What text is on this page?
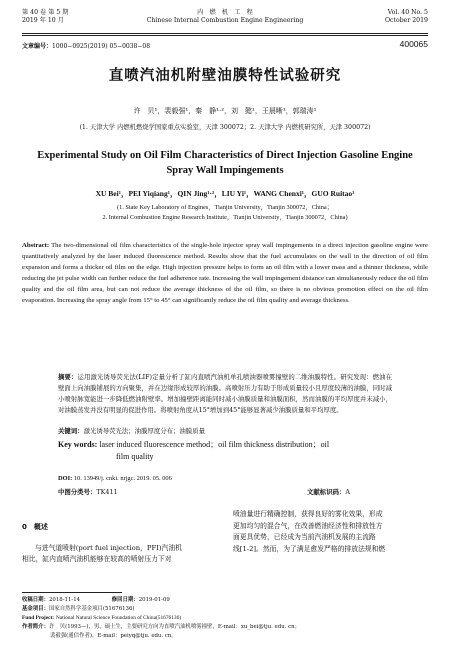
第 40 卷 第 5 期
2019 年 10 月
内　燃　机　工　程
Chinese Internal Combustion Engine Engineering
Vol. 40 No. 5
October 2019
文章编号：1000−0925(2019) 05−0038−08	400065
直喷汽油机附壁油膜特性试验研究
许　贝¹，裴毅强¹，秦　静¹·²，刘　懿¹，王晨晰¹，郭瑞涛¹
(1. 天津大学 内燃机燃烧学国家重点实验室，天津 300072；2. 天津大学 内燃机研究所，天津 300072)
Experimental Study on Oil Film Characteristics of Direct Injection Gasoline Engine Spray Wall Impingements
XU Bei¹，PEI Yiqiang¹，QIN Jing¹·²，LIU Yi¹，WANG Chenxi¹，GUO Ruitao¹
(1. State Key Laboratory of Engines，Tianjin University，Tianjin 300072，China；
2. Internal Combustion Engine Research Institute，Tianjin University，Tianjin 300072，China)
Abstract: The two-dimensional oil film characteristics of the single-hole injector spray wall impingements in a direct injection gasoline engine were quantitatively analyzed by the laser induced fluorescence method. Results show that the fuel accumulates on the wall in the direction of oil film expansion and forms a thicker oil film on the edge. High injection pressure helps to form an oil film with a lower mass and a thinner thickness, while reducing the jet pulse width can further reduce the fuel adherence rate. Increasing the wall impingement distance can simultaneously reduce the oil film quality and the oil film area, but can not reduce the average thickness of the oil film, so there is no obvious promotion effect on the oil film evaporation. Increasing the spray angle from 15° to 45° can significantly reduce the oil film quality and average thickness.
摘要：运用激光诱导荧光法(LIF)定量分析了缸内直喷汽油机单孔喷油器喷雾撞壁的二维油膜特性。研究发现：燃油在壁面上向油膜铺展的方向聚集，并在边缘形成较厚的油膜。高喷射压力有助于形成质量较小且厚度较薄的油膜，同时减小喷射脉宽能进一步降低燃油附壁率。增加撞壁距离能同时减小油膜质量和油膜面积，然而油膜的平均厚度并未减小，对油膜蒸发并没有明显的促进作用。将喷射角度从15°增加到45°能够显著减少油膜质量和平均厚度。
关键词：激光诱导荧光法；油膜厚度分布；油膜质量
Key words: laser induced fluorescence method；oil film thickness distribution；oil
film quality
DOI: 10. 13949/j. cnki. nrjgc. 2019. 05. 006
中图分类号：TK411	文献标识码：A
0　概述
与进气道喷射(port fuel injection，PFI)汽油机
相比，缸内直喷汽油机能够在较高的喷射压力下对
喷油量进行精确控制，获得良好的雾化效果，形成
更加均匀的混合气，在改善燃油经济性和排放性方
面更具优势，已经成为当前汽油机发展的主流路
线[1-2]。然而，为了满足愈发严格的排放法规和燃
收稿日期：2018-11-14	修回日期：2019-01-09
基金项目：国家自然科学基金项目(51676136)
Fund Project: National Natural Science Foundation of China(51676136)
作者简介：许　贝(1993—)，男，硕士生，主要研究方向为直喷汽油机喷雾撞壁，E-mail：xu_bei@tju. edu. cn；
裴毅强(通信作者)，E-mail：peiyq@tju. edu. cn。
